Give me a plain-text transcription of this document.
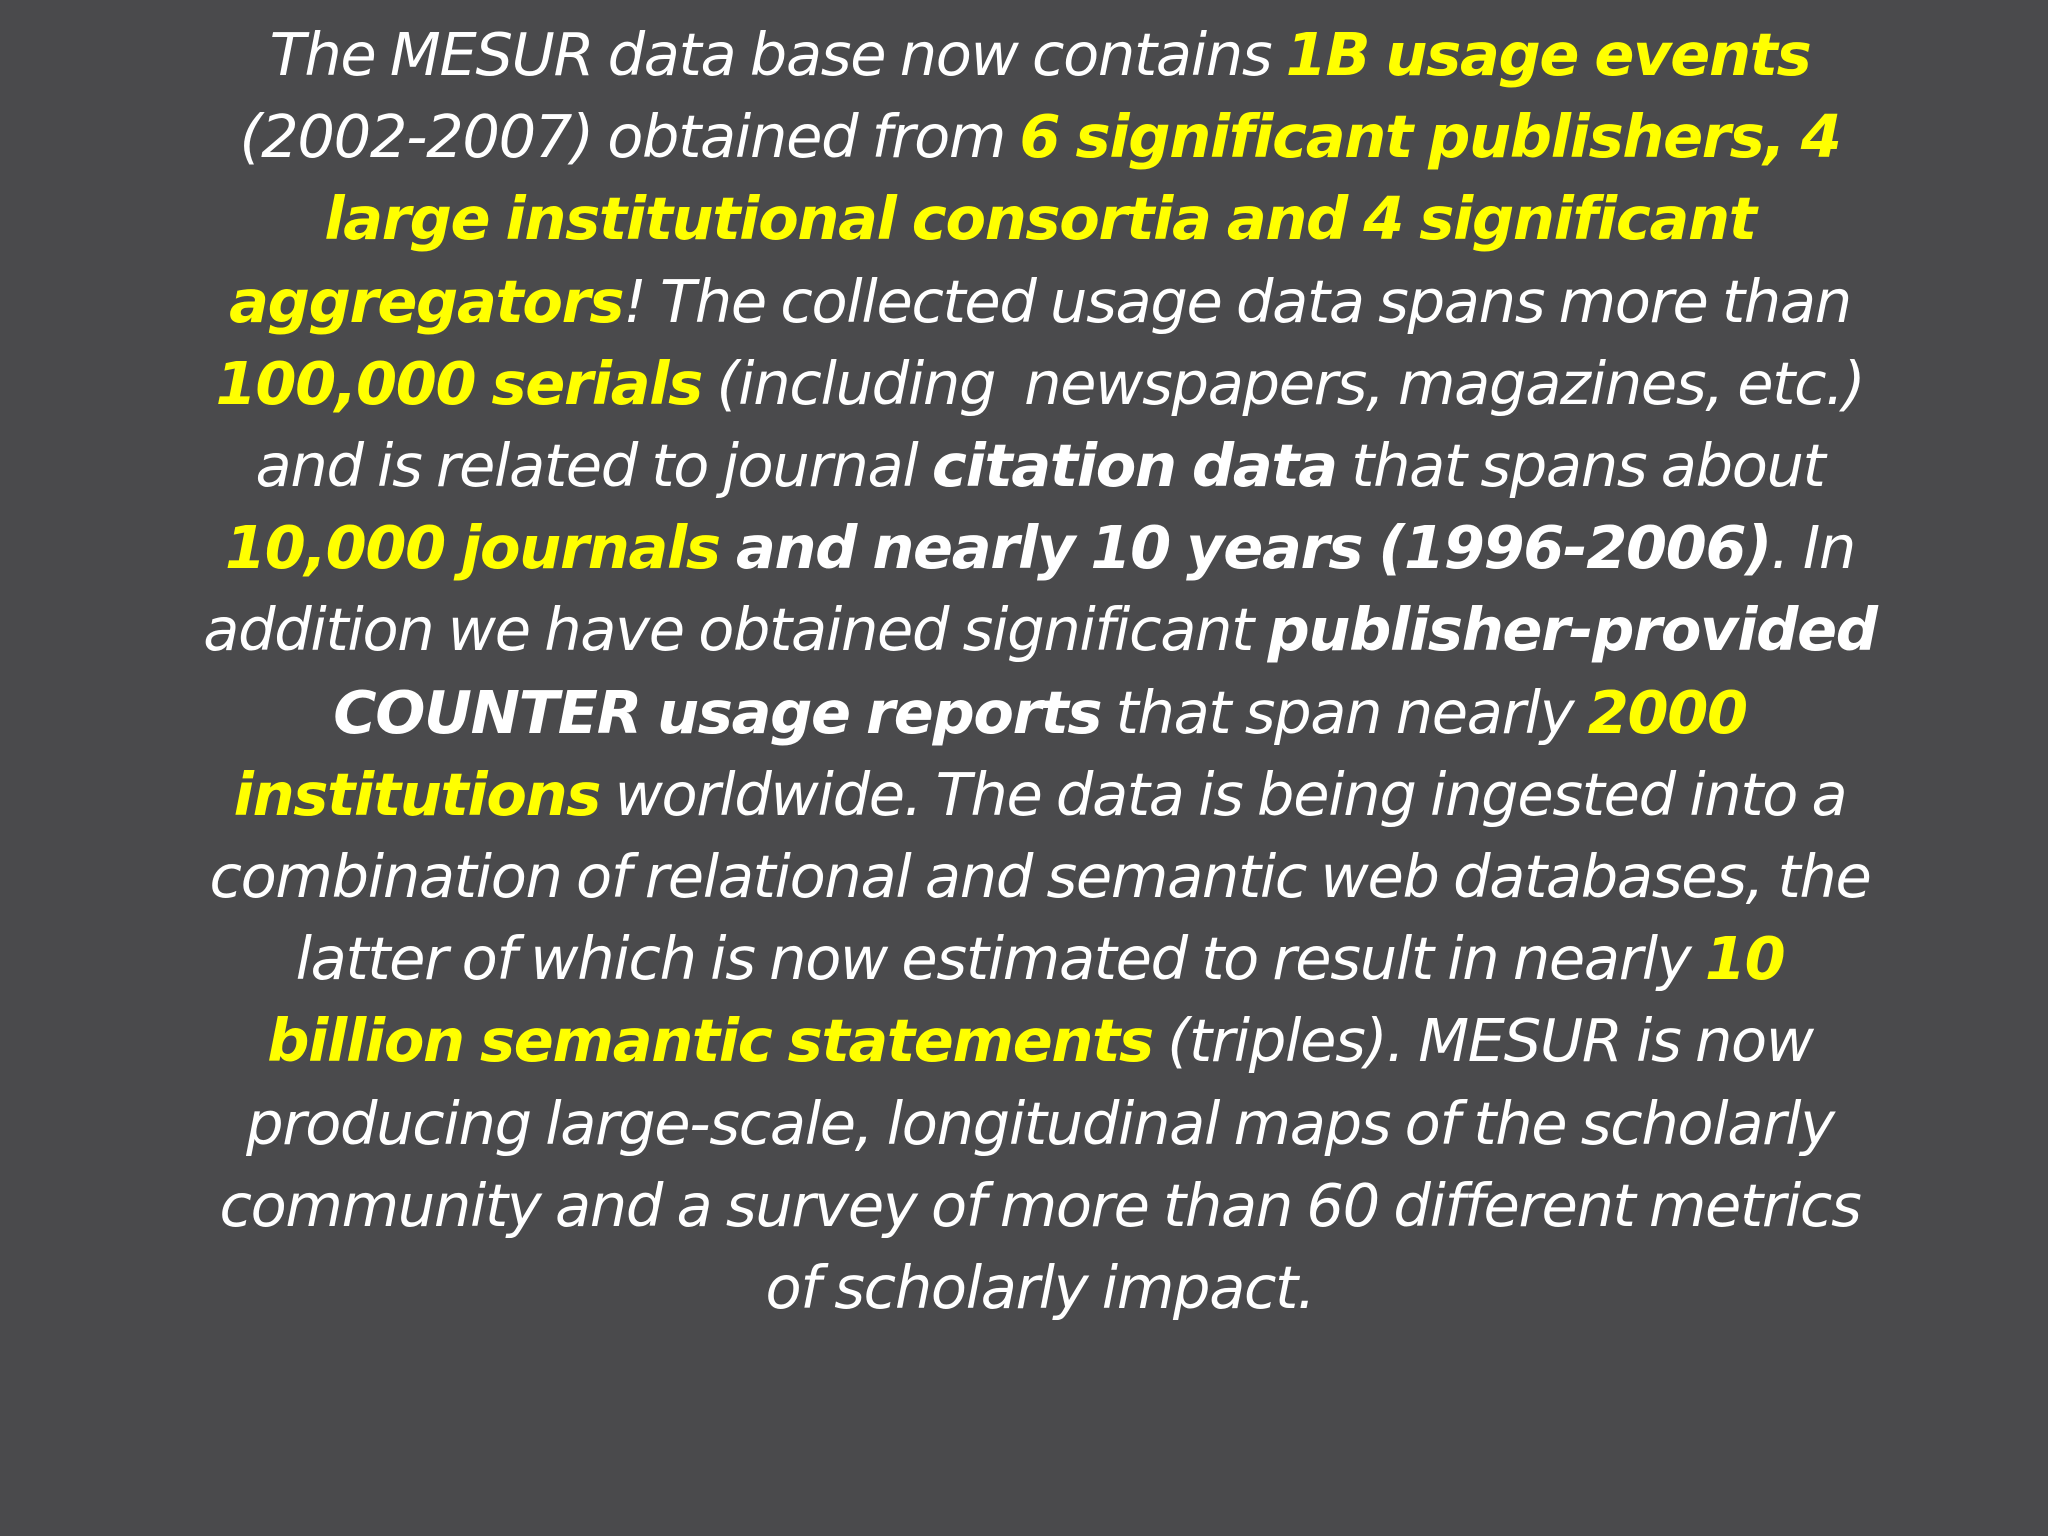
The MESUR data base now contains 1B usage events (2002-2007) obtained from 6 significant publishers, 4 large institutional consortia and 4 significant aggregators! The collected usage data spans more than 100,000 serials (including  newspapers, magazines, etc.) and is related to journal citation data that spans about 10,000 journals and nearly 10 years (1996-2006). In addition we have obtained significant publisher-provided COUNTER usage reports that span nearly 2000 institutions worldwide. The data is being ingested into a combination of relational and semantic web databases, the latter of which is now estimated to result in nearly 10 billion semantic statements (triples). MESUR is now producing large-scale, longitudinal maps of the scholarly community and a survey of more than 60 different metrics of scholarly impact.
